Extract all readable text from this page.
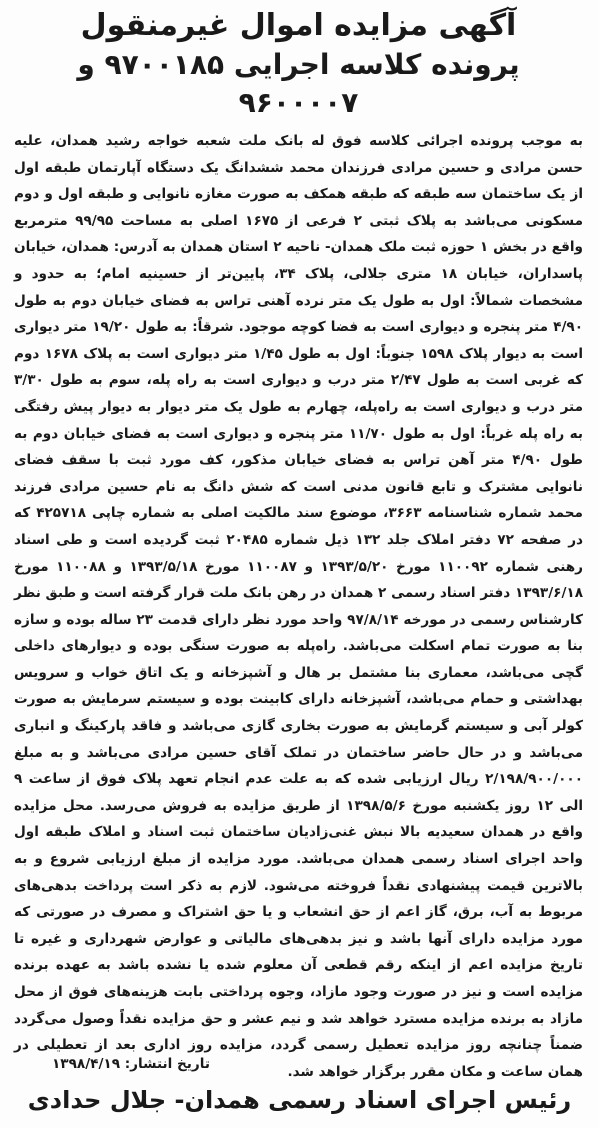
آگهی مزایده اموال غیرمنقول
پرونده کلاسه اجرایی ۹۷۰۰۱۸۵ و ۹۶۰۰۰۰۷

به موجب پرونده اجرائی کلاسه فوق له بانک ملت شعبه خواجه رشید همدان، علیه حسن مرادی و حسین مرادی فرزندان محمد ششدانگ یک دستگاه آپارتمان طبقه اول از یک ساختمان سه طبقه که طبقه همکف به صورت مغازه نانوایی و طبقه اول و دوم مسکونی می‌باشد به پلاک ثبتی ۲ فرعی از ۱۶۷۵ اصلی به مساحت ۹۹/۹۵ مترمربع واقع در بخش ۱ حوزه ثبت ملک همدان- ناحیه ۲ استان همدان به آدرس: همدان، خیابان پاسداران، خیابان ۱۸ متری جلالی، پلاک ۳۴، پایین‌تر از حسینیه امام؛ به حدود و مشخصات شمالاً: اول به طول یک متر نرده آهنی تراس به فضای خیابان دوم به طول ۴/۹۰ متر پنجره و دیواری است به فضا کوچه موجود. شرقاً: به طول ۱۹/۲۰ متر دیواری است به دیوار پلاک ۱۵۹۸ جنوباً: اول به طول ۱/۴۵ متر دیواری است به پلاک ۱۶۷۸ دوم که غربی است به طول ۲/۴۷ متر درب و دیواری است به راه پله، سوم به طول ۳/۳۰ متر درب و دیواری است به راه‌پله، چهارم به طول یک متر دیوار به دیوار پیش رفتگی به راه پله غرباً: اول به طول ۱۱/۷۰ متر پنجره و دیواری است به فضای خیابان دوم به طول ۴/۹۰ متر آهن تراس به فضای خیابان مذکور، کف مورد ثبت با سقف فضای نانوایی مشترک و تابع قانون مدنی است که شش دانگ به نام حسین مرادی فرزند محمد شماره شناسنامه ۳۶۶۳، موضوع سند مالکیت اصلی به شماره چاپی ۴۲۵۷۱۸ که در صفحه ۷۲ دفتر املاک جلد ۱۳۲ ذیل شماره ۲۰۴۸۵ ثبت گردیده است و طی اسناد رهنی شماره ۱۱۰۰۹۲ مورخ ۱۳۹۳/۵/۲۰ و ۱۱۰۰۸۷ مورخ ۱۳۹۳/۵/۱۸ و ۱۱۰۰۸۸ مورخ ۱۳۹۳/۶/۱۸ دفتر اسناد رسمی ۲ همدان در رهن بانک ملت قرار گرفته است و طبق نظر کارشناس رسمی در مورخه ۹۷/۸/۱۴ واحد مورد نظر دارای قدمت ۲۳ ساله بوده و سازه بنا به صورت تمام اسکلت می‌باشد. راه‌پله به صورت سنگی بوده و دیوارهای داخلی گچی می‌باشد، معماری بنا مشتمل بر هال و آشپزخانه و یک اتاق خواب و سرویس بهداشتی و حمام می‌باشد، آشپزخانه دارای کابینت بوده و سیستم سرمایش به صورت کولر آبی و سیستم گرمایش به صورت بخاری گازی می‌باشد و فاقد پارکینگ و انباری می‌باشد و در حال حاضر ساختمان در تملک آقای حسین مرادی می‌باشد و به مبلغ ۲/۱۹۸/۹۰۰/۰۰۰ ریال ارزیابی شده که به علت عدم انجام تعهد پلاک فوق از ساعت ۹ الی ۱۲ روز یکشنبه مورخ ۱۳۹۸/۵/۶ از طریق مزایده به فروش می‌رسد. محل مزایده واقع در همدان سعیدیه بالا نبش غنی‌زادیان ساختمان ثبت اسناد و املاک طبقه اول واحد اجرای اسناد رسمی همدان می‌باشد. مورد مزایده از مبلغ ارزیابی شروع و به بالاترین قیمت پیشنهادی نقداً فروخته می‌شود. لازم به ذکر است پرداخت بدهی‌های مربوط به آب، برق، گاز اعم از حق انشعاب و یا حق اشتراک و مصرف در صورتی که مورد مزایده دارای آنها باشد و نیز بدهی‌های مالیاتی و عوارض شهرداری و غیره تا تاریخ مزایده اعم از اینکه رقم قطعی آن معلوم شده یا نشده باشد به عهده برنده مزایده است و نیز در صورت وجود مازاد، وجوه پرداختی بابت هزینه‌های فوق از محل مازاد به برنده مزایده مسترد خواهد شد و نیم عشر و حق مزایده نقداً وصول می‌گردد ضمناً چنانچه روز مزایده تعطیل رسمی گردد، مزایده روز اداری بعد از تعطیلی در همان ساعت و مکان مقرر برگزار خواهد شد.

تاریخ انتشار: ۱۳۹۸/۴/۱۹
رئیس اجرای اسناد رسمی همدان- جلال حدادی
